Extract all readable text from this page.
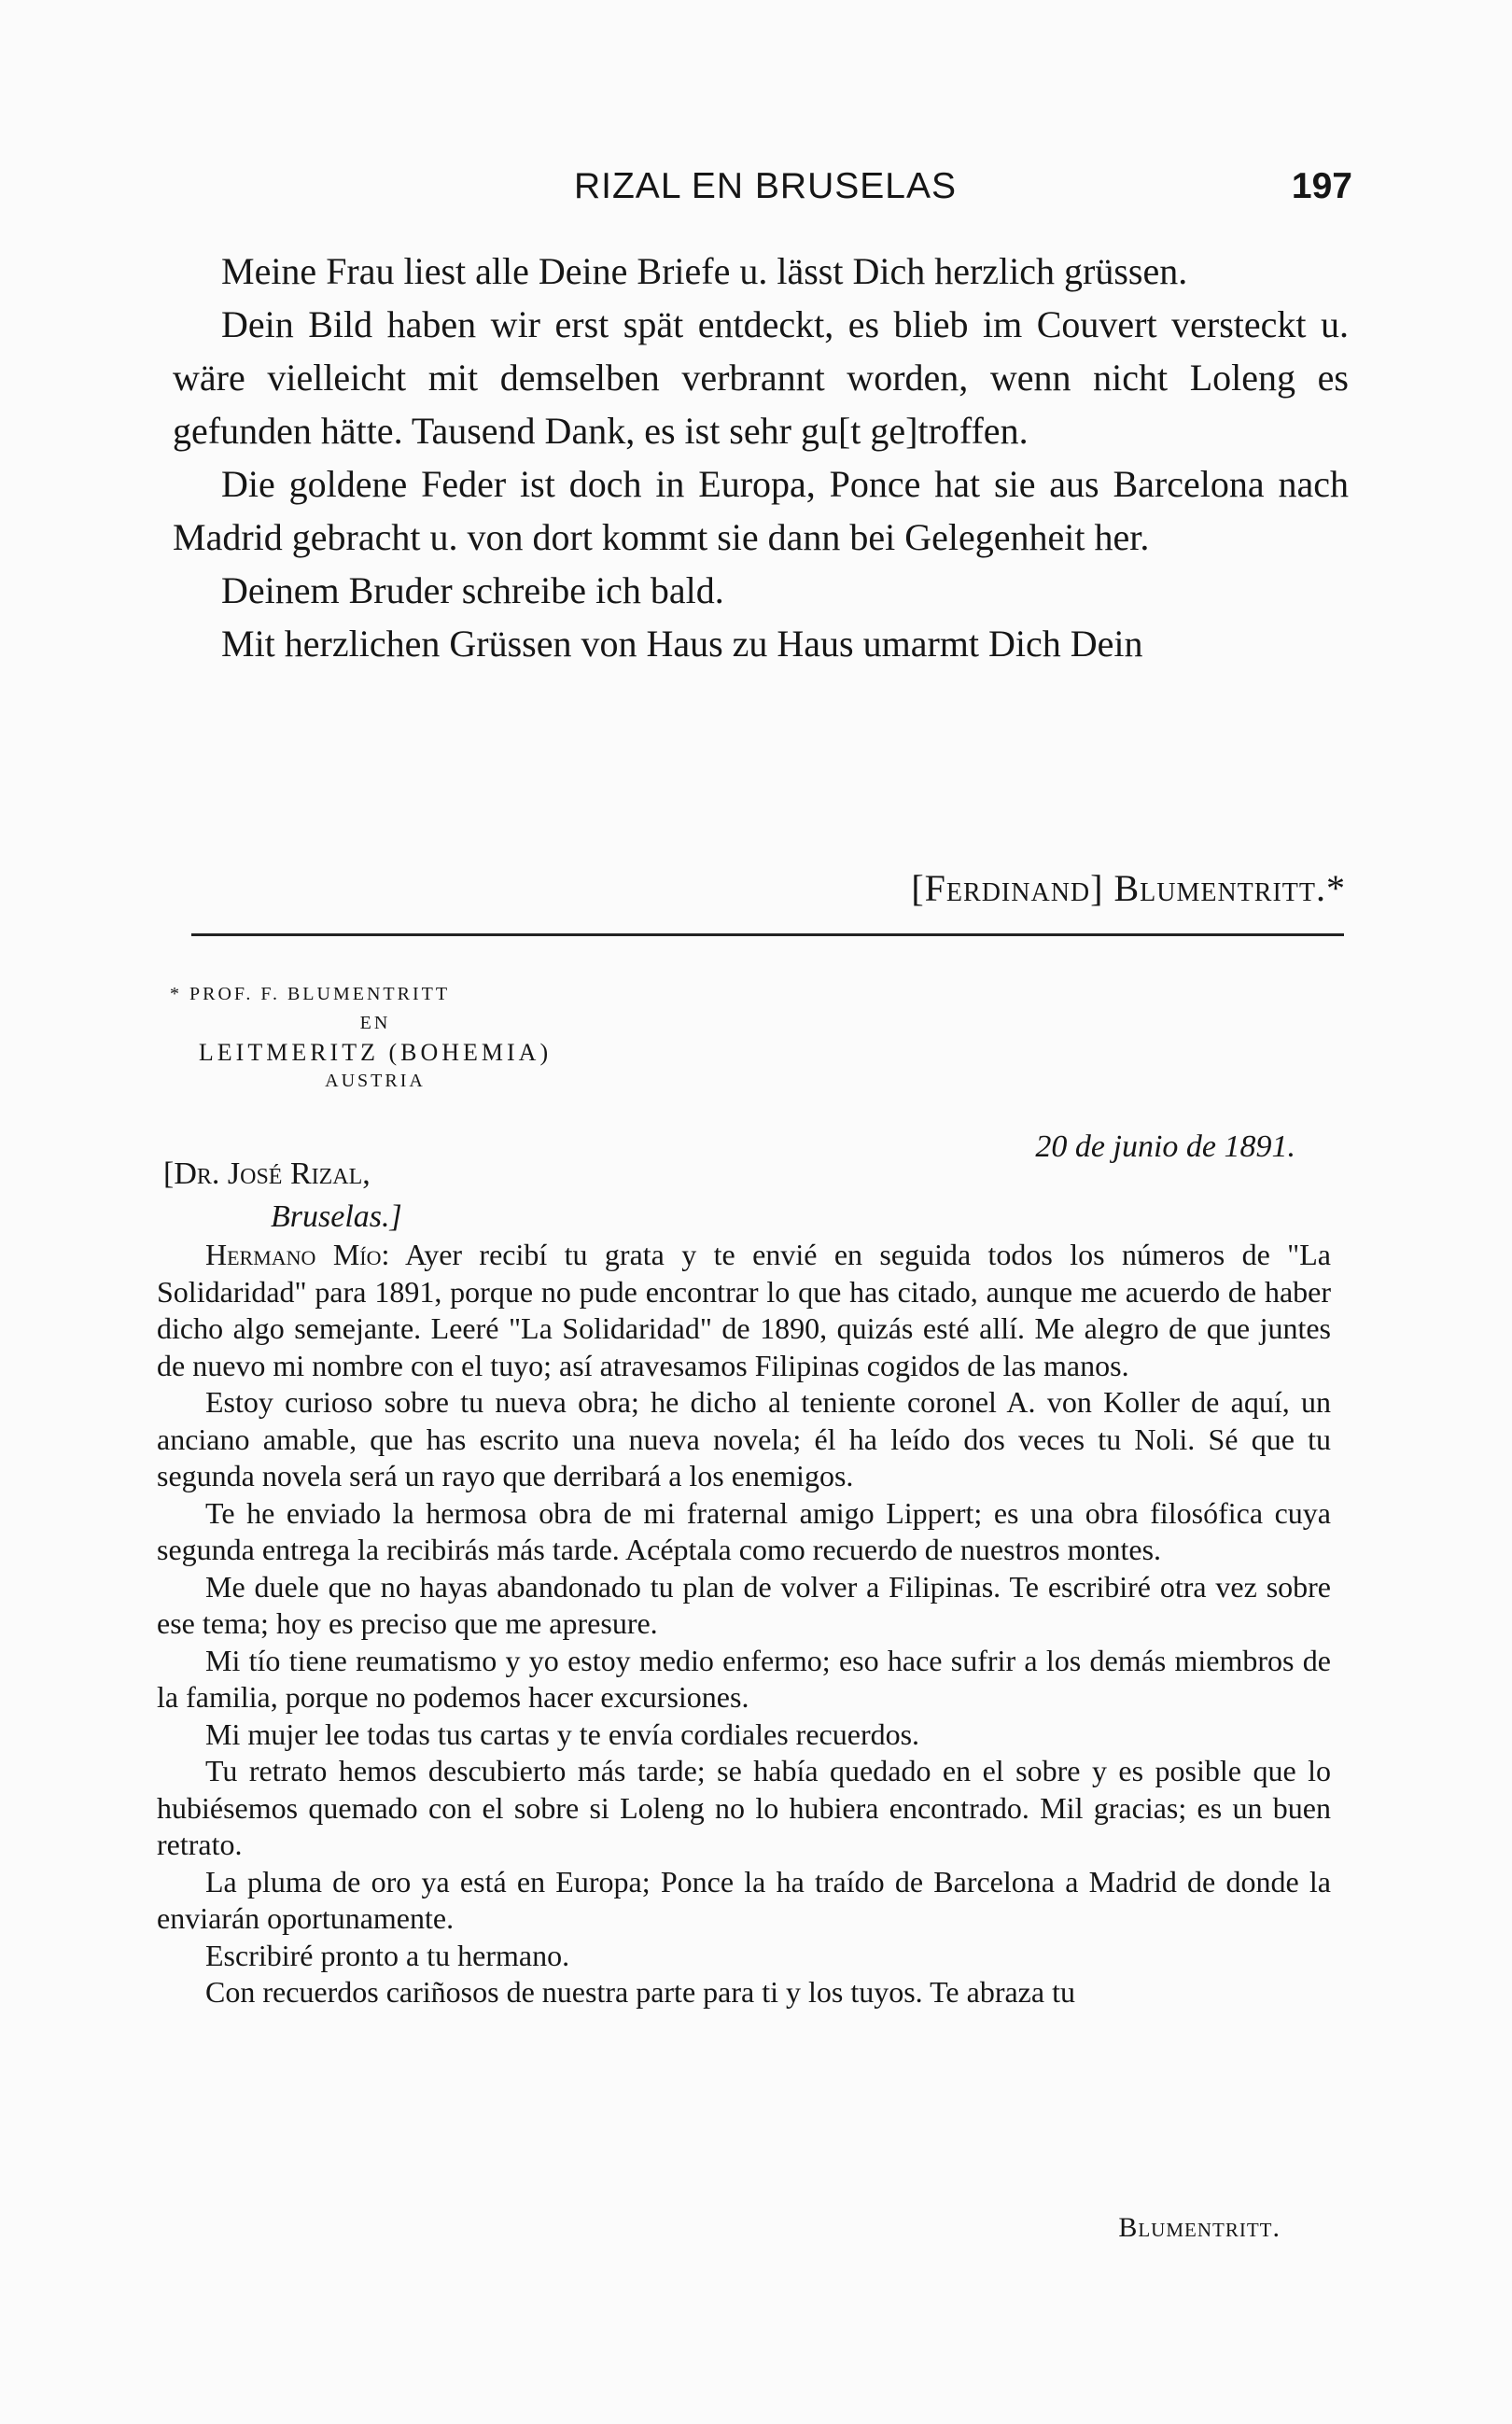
RIZAL EN BRUSELAS	197

Meine Frau liest alle Deine Briefe u. lässt Dich herzlich grüssen.

Dein Bild haben wir erst spät entdeckt, es blieb im Couvert versteckt u. wäre vielleicht mit demselben verbrannt worden, wenn nicht Loleng es gefunden hätte. Tausend Dank, es ist sehr gu[t ge]troffen.

Die goldene Feder ist doch in Europa, Ponce hat sie aus Barcelona nach Madrid gebracht u. von dort kommt sie dann bei Gelegenheit her.

Deinem Bruder schreibe ich bald.

Mit herzlichen Grüssen von Haus zu Haus umarmt Dich Dein

[Ferdinand] Blumentritt.*
* PROF. F. BLUMENTRITT
EN
LEITMERITZ (BOHEMIA)
AUSTRIA
20 de junio de 1891.
[Dr. José Rizal,
Bruselas.]

Hermano Mío: Ayer recibí tu grata y te envié en seguida todos los números de "La Solidaridad" para 1891, porque no pude encontrar lo que has citado, aunque me acuerdo de haber dicho algo semejante. Leeré "La Solidaridad" de 1890, quizás esté allí. Me alegro de que juntes de nuevo mi nombre con el tuyo; así atravesamos Filipinas cogidos de las manos.

Estoy curioso sobre tu nueva obra; he dicho al teniente coronel A. von Koller de aquí, un anciano amable, que has escrito una nueva novela; él ha leído dos veces tu Noli. Sé que tu segunda novela será un rayo que derribará a los enemigos.

Te he enviado la hermosa obra de mi fraternal amigo Lippert; es una obra filosófica cuya segunda entrega la recibirás más tarde. Acéptala como recuerdo de nuestros montes.

Me duele que no hayas abandonado tu plan de volver a Filipinas. Te escribiré otra vez sobre ese tema; hoy es preciso que me apresure.

Mi tío tiene reumatismo y yo estoy medio enfermo; eso hace sufrir a los demás miembros de la familia, porque no podemos hacer excursiones.

Mi mujer lee todas tus cartas y te envía cordiales recuerdos.

Tu retrato hemos descubierto más tarde; se había quedado en el sobre y es posible que lo hubiésemos quemado con el sobre si Loleng no lo hubiera encontrado. Mil gracias; es un buen retrato.

La pluma de oro ya está en Europa; Ponce la ha traído de Barcelona a Madrid de donde la enviarán oportunamente.

Escribiré pronto a tu hermano.

Con recuerdos cariñosos de nuestra parte para ti y los tuyos. Te abraza tu

Blumentritt.
